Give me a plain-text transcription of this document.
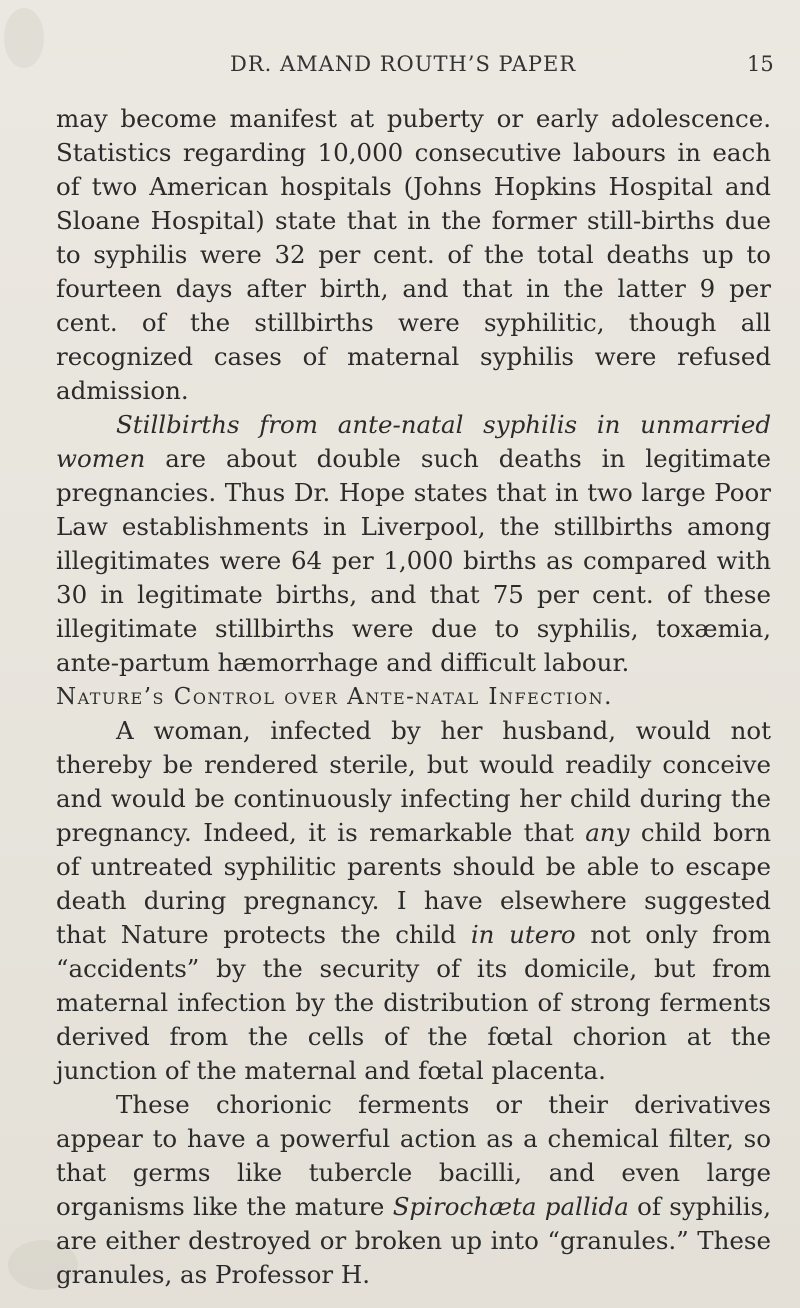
DR. AMAND ROUTH’S PAPER	15

may become manifest at puberty or early adolescence. Statistics regarding 10,000 consecutive labours in each of two American hospitals (Johns Hopkins Hospital and Sloane Hospital) state that in the former still-births due to syphilis were 32 per cent. of the total deaths up to fourteen days after birth, and that in the latter 9 per cent. of the stillbirths were syphilitic, though all recognized cases of maternal syphilis were refused admission.

Stillbirths from ante-natal syphilis in unmarried women are about double such deaths in legitimate pregnancies. Thus Dr. Hope states that in two large Poor Law establishments in Liverpool, the stillbirths among illegitimates were 64 per 1,000 births as compared with 30 in legitimate births, and that 75 per cent. of these illegitimate stillbirths were due to syphilis, toxæmia, ante-partum hæmorrhage and difficult labour.

Nature’s Control over Ante-natal Infection.

A woman, infected by her husband, would not thereby be rendered sterile, but would readily conceive and would be continuously infecting her child during the pregnancy. Indeed, it is remarkable that any child born of untreated syphilitic parents should be able to escape death during pregnancy. I have elsewhere suggested that Nature protects the child in utero not only from “accidents” by the security of its domicile, but from maternal infection by the distribution of strong ferments derived from the cells of the fœtal chorion at the junction of the maternal and fœtal placenta.

These chorionic ferments or their derivatives appear to have a powerful action as a chemical filter, so that germs like tubercle bacilli, and even large organisms like the mature Spirochæta pallida of syphilis, are either destroyed or broken up into “granules.” These granules, as Professor H.
